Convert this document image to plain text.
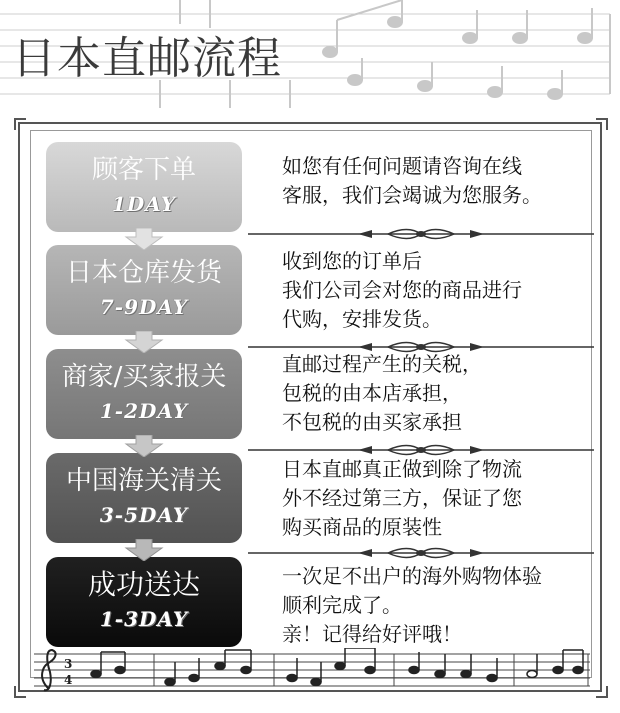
日本直邮流程
顾客下单
1DAY
日本仓库发货
7-9DAY
商家/买家报关
1-2DAY
中国海关清关
3-5DAY
成功送达
1-3DAY
如您有任何问题请咨询在线
客服，我们会竭诚为您服务。
收到您的订单后
我们公司会对您的商品进行
代购，安排发货。
直邮过程产生的关税，
包税的由本店承担，
不包税的由买家承担
日本直邮真正做到除了物流
外不经过第三方，保证了您
购买商品的原装性
一次足不出户的海外购物体验
顺利完成了。
亲！记得给好评哦！
3
4
